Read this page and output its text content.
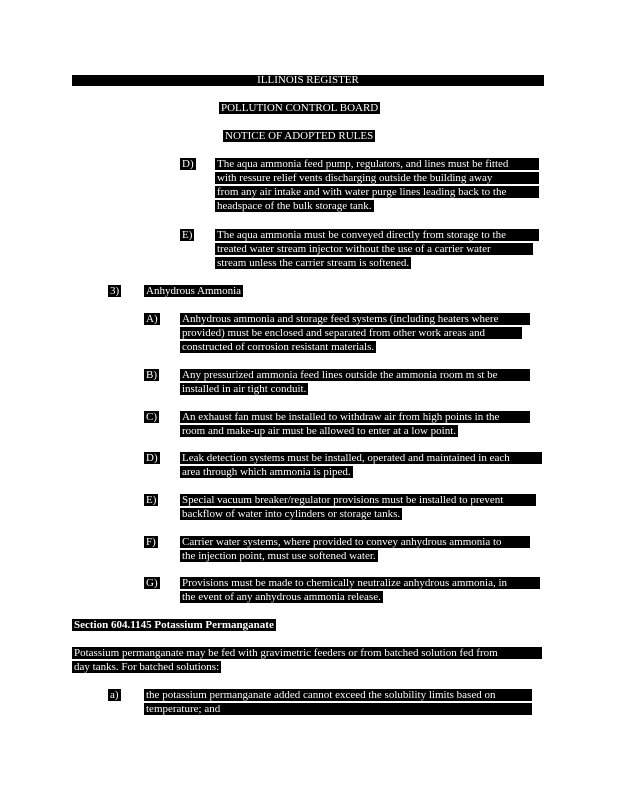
ILLINOIS REGISTER
POLLUTION CONTROL BOARD
NOTICE OF ADOPTED RULES
D) The aqua ammonia feed pump, regulators, and lines must be fitted
with ressure relief vents discharging outside the building away
from any air intake and with water purge lines leading back to the
headspace of the bulk storage tank.
E) The aqua ammonia must be conveyed directly from storage to the
treated water stream injector without the use of a carrier water
stream unless the carrier stream is softened.
3) Anhydrous Ammonia
A) Anhydrous ammonia and storage feed systems (including heaters where
provided) must be enclosed and separated from other work areas and
constructed of corrosion resistant materials.
B) Any pressurized ammonia feed lines outside the ammonia room m st be
installed in air tight conduit.
C) An exhaust fan must be installed to withdraw air from high points in the
room and make-up air must be allowed to enter at a low point.
D) Leak detection systems must be installed, operated and maintained in each
area through which ammonia is piped.
E) Special vacuum breaker/regulator provisions must be installed to prevent
backflow of water into cylinders or storage tanks.
F) Carrier water systems, where provided to convey anhydrous ammonia to
the injection point, must use softened water.
G) Provisions must be made to chemically neutralize anhydrous ammonia, in
the event of any anhydrous ammonia release.
Section 604.1145 Potassium Permanganate
Potassium permanganate may be fed with gravimetric feeders or from batched solution fed from
day tanks. For batched solutions:
a) the potassium permanganate added cannot exceed the solubility limits based on
temperature; and
